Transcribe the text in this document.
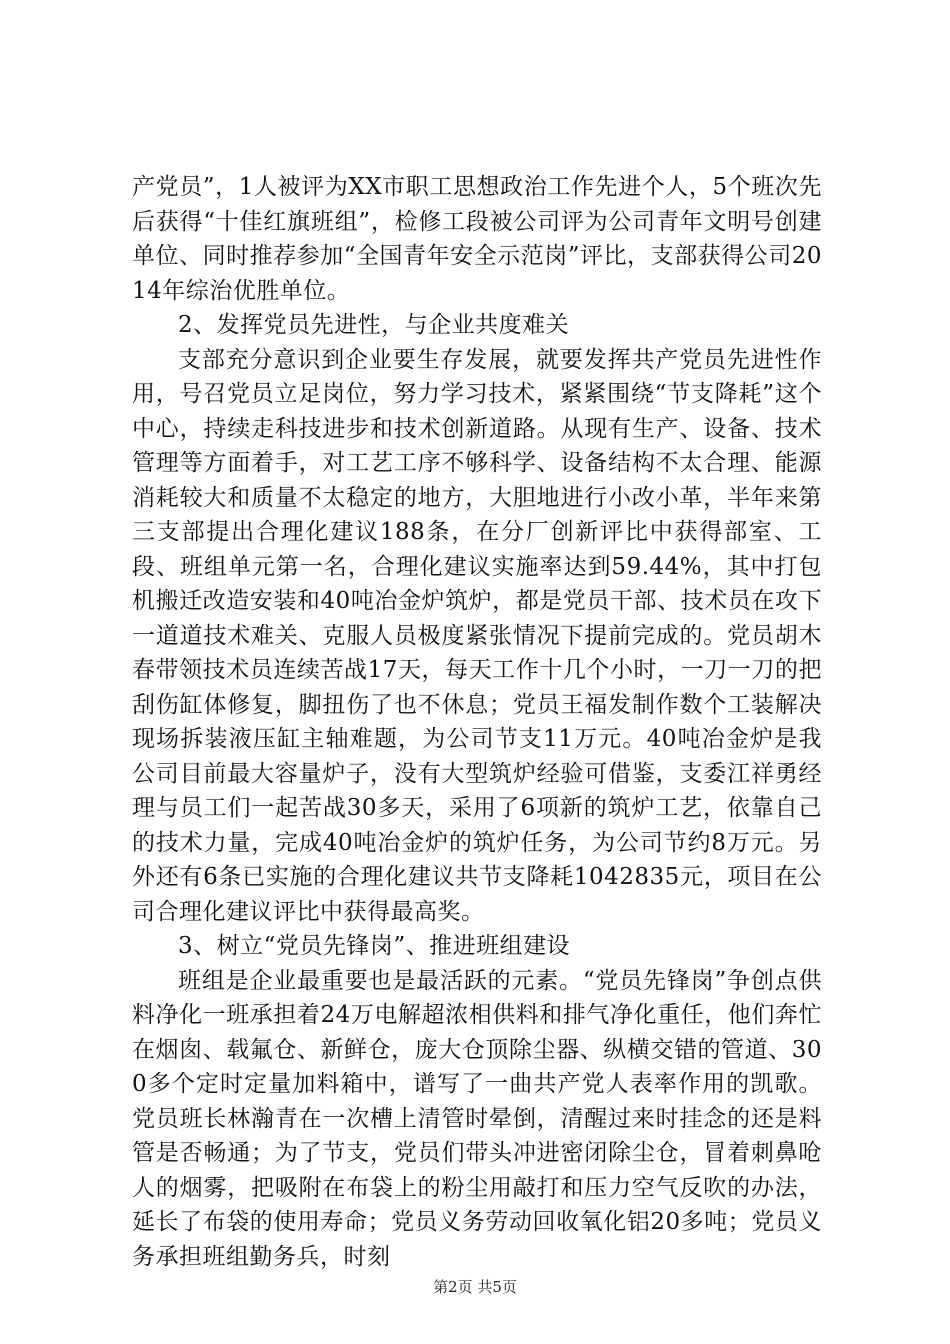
产党员”，1人被评为XX市职工思想政治工作先进个人，5个班次先后获得“十佳红旗班组”，检修工段被公司评为公司青年文明号创建单位、同时推荐参加“全国青年安全示范岗”评比，支部获得公司2014年综治优胜单位。

2、发挥党员先进性，与企业共度难关

支部充分意识到企业要生存发展，就要发挥共产党员先进性作用，号召党员立足岗位，努力学习技术，紧紧围绕“节支降耗”这个中心，持续走科技进步和技术创新道路。从现有生产、设备、技术管理等方面着手，对工艺工序不够科学、设备结构不太合理、能源消耗较大和质量不太稳定的地方，大胆地进行小改小革，半年来第三支部提出合理化建议188条，在分厂创新评比中获得部室、工段、班组单元第一名，合理化建议实施率达到59.44%，其中打包机搬迁改造安装和40吨冶金炉筑炉，都是党员干部、技术员在攻下一道道技术难关、克服人员极度紧张情况下提前完成的。党员胡木春带领技术员连续苦战17天，每天工作十几个小时，一刀一刀的把刮伤缸体修复，脚扭伤了也不休息；党员王福发制作数个工装解决现场拆装液压缸主轴难题，为公司节支11万元。40吨冶金炉是我公司目前最大容量炉子，没有大型筑炉经验可借鉴，支委江祥勇经理与员工们一起苦战30多天，采用了6项新的筑炉工艺，依靠自己的技术力量，完成40吨冶金炉的筑炉任务，为公司节约8万元。另外还有6条已实施的合理化建议共节支降耗1042835元，项目在公司合理化建议评比中获得最高奖。

3、树立“党员先锋岗”、推进班组建设

班组是企业最重要也是最活跃的元素。“党员先锋岗”争创点供料净化一班承担着24万电解超浓相供料和排气净化重任，他们奔忙在烟囱、载氟仓、新鲜仓，庞大仓顶除尘器、纵横交错的管道、300多个定时定量加料箱中，谱写了一曲共产党人表率作用的凯歌。党员班长林瀚青在一次槽上清管时晕倒，清醒过来时挂念的还是料管是否畅通；为了节支，党员们带头冲进密闭除尘仓，冒着刺鼻呛人的烟雾，把吸附在布袋上的粉尘用敲打和压力空气反吹的办法，延长了布袋的使用寿命；党员义务劳动回收氧化铝20多吨；党员义务承担班组勤务兵，时刻

第2页 共5页
